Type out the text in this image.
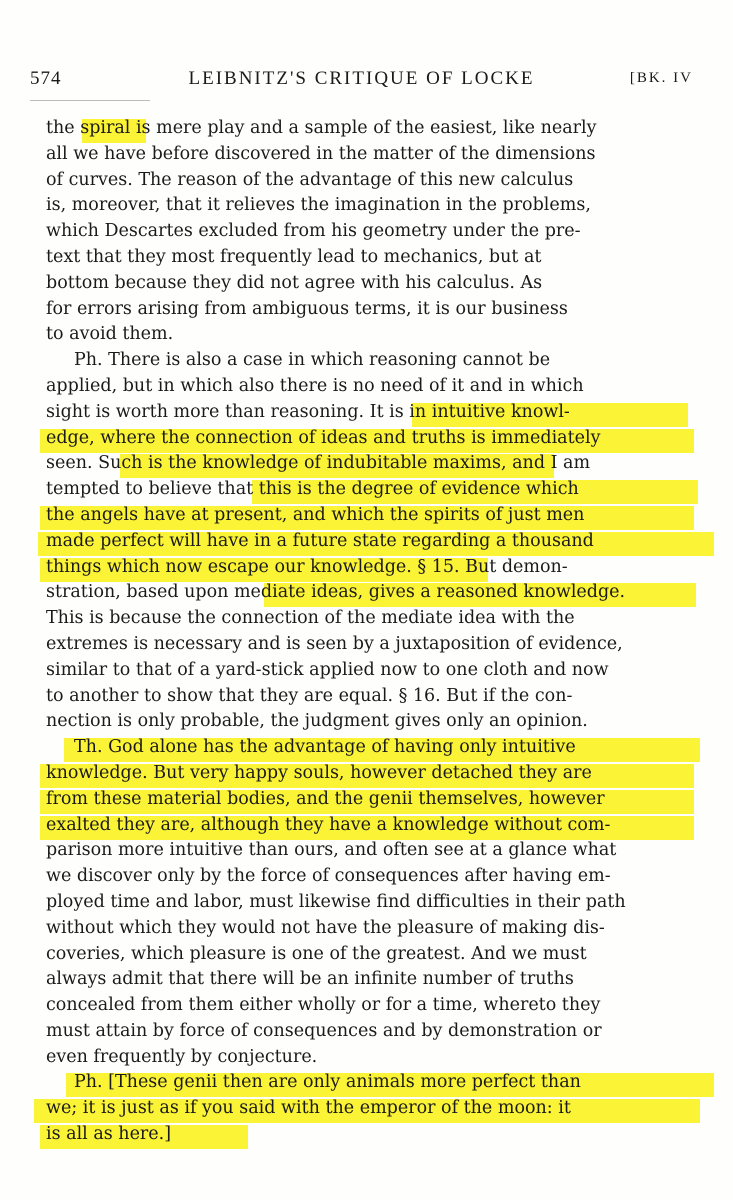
574	LEIBNITZ'S CRITIQUE OF LOCKE	[BK. IV
the spiral is mere play and a sample of the easiest, like nearly
all we have before discovered in the matter of the dimensions
of curves. The reason of the advantage of this new calculus
is, moreover, that it relieves the imagination in the problems,
which Descartes excluded from his geometry under the pre-
text that they most frequently lead to mechanics, but at
bottom because they did not agree with his calculus. As
for errors arising from ambiguous terms, it is our business
to avoid them.
Ph. There is also a case in which reasoning cannot be
applied, but in which also there is no need of it and in which
sight is worth more than reasoning. It is in intuitive knowl-
edge, where the connection of ideas and truths is immediately
seen. Such is the knowledge of indubitable maxims, and I am
tempted to believe that this is the degree of evidence which
the angels have at present, and which the spirits of just men
made perfect will have in a future state regarding a thousand
things which now escape our knowledge. § 15. But demon-
stration, based upon mediate ideas, gives a reasoned knowledge.
This is because the connection of the mediate idea with the
extremes is necessary and is seen by a juxtaposition of evidence,
similar to that of a yard-stick applied now to one cloth and now
to another to show that they are equal. § 16. But if the con-
nection is only probable, the judgment gives only an opinion.
Th. God alone has the advantage of having only intuitive
knowledge. But very happy souls, however detached they are
from these material bodies, and the genii themselves, however
exalted they are, although they have a knowledge without com-
parison more intuitive than ours, and often see at a glance what
we discover only by the force of consequences after having em-
ployed time and labor, must likewise find difficulties in their path
without which they would not have the pleasure of making dis-
coveries, which pleasure is one of the greatest. And we must
always admit that there will be an infinite number of truths
concealed from them either wholly or for a time, whereto they
must attain by force of consequences and by demonstration or
even frequently by conjecture.
Ph. [These genii then are only animals more perfect than
we; it is just as if you said with the emperor of the moon: it
is all as here.]
